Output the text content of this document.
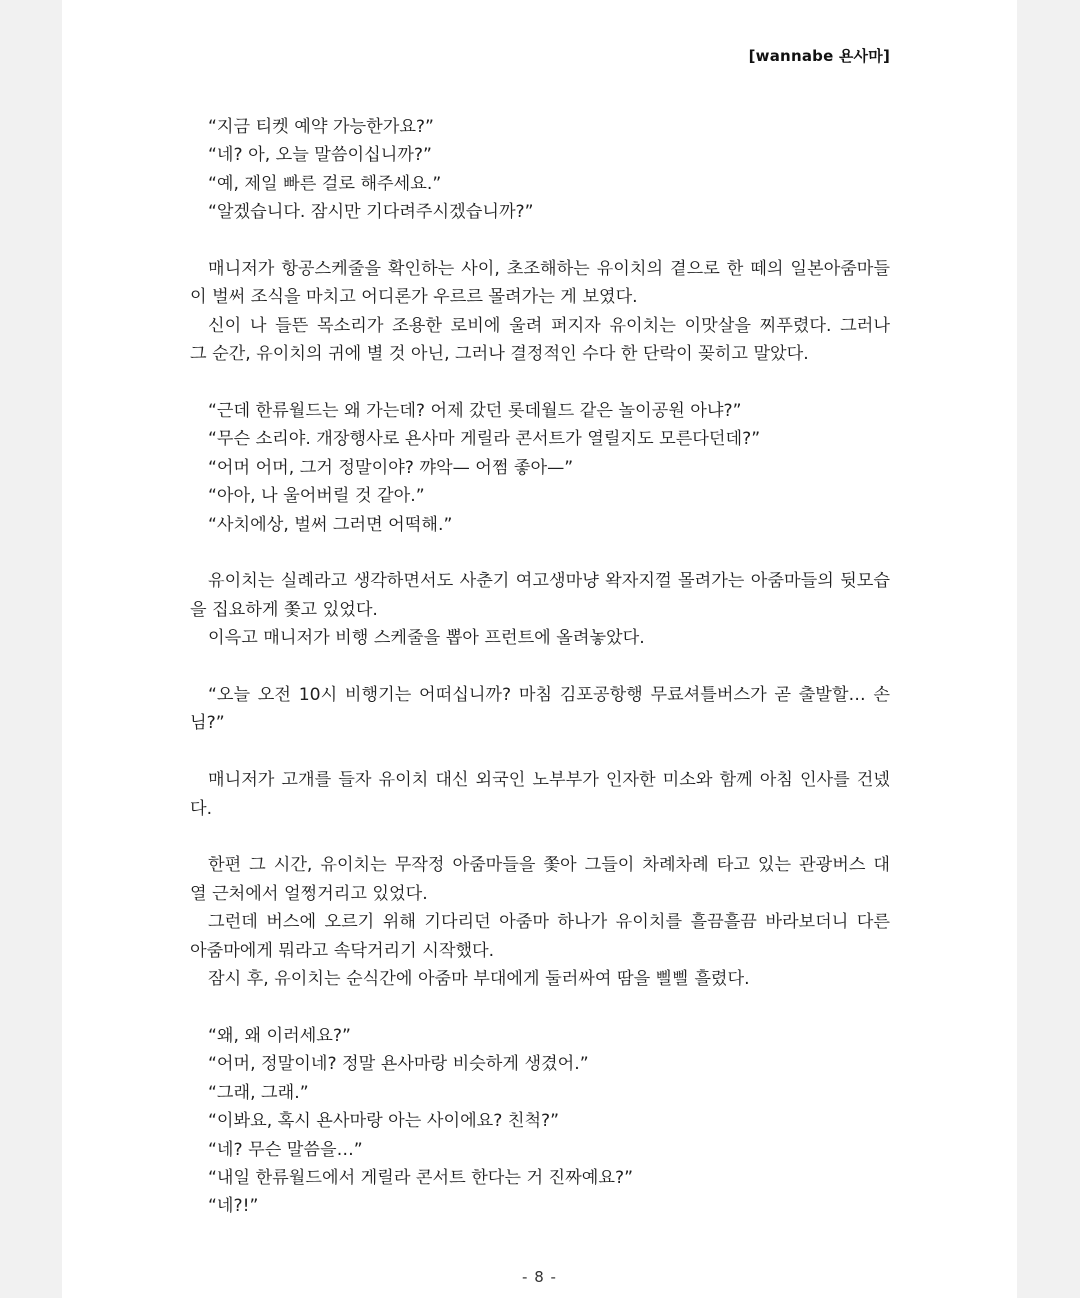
[wannabe 욘사마]
“지금 티켓 예약 가능한가요?”
“네? 아, 오늘 말씀이십니까?”
“예, 제일 빠른 걸로 해주세요.”
“알겠습니다. 잠시만 기다려주시겠습니까?”
매니저가 항공스케줄을 확인하는 사이, 초조해하는 유이치의 곁으로 한 떼의 일본아줌마들
이 벌써 조식을 마치고 어디론가 우르르 몰려가는 게 보였다.
신이 나 들뜬 목소리가 조용한 로비에 울려 퍼지자 유이치는 이맛살을 찌푸렸다. 그러나
그 순간, 유이치의 귀에 별 것 아닌, 그러나 결정적인 수다 한 단락이 꽂히고 말았다.
“근데 한류월드는 왜 가는데? 어제 갔던 롯데월드 같은 놀이공원 아냐?”
“무슨 소리야. 개장행사로 욘사마 게릴라 콘서트가 열릴지도 모른다던데?”
“어머 어머, 그거 정말이야? 꺄악— 어쩜 좋아—”
“아아, 나 울어버릴 것 같아.”
“사치에상, 벌써 그러면 어떡해.”
유이치는 실례라고 생각하면서도 사춘기 여고생마냥 왁자지껄 몰려가는 아줌마들의 뒷모습
을 집요하게 쫓고 있었다.
이윽고 매니저가 비행 스케줄을 뽑아 프런트에 올려놓았다.
“오늘 오전 10시 비행기는 어떠십니까? 마침 김포공항행 무료셔틀버스가 곧 출발할… 손
님?”
매니저가 고개를 들자 유이치 대신 외국인 노부부가 인자한 미소와 함께 아침 인사를 건넸
다.
한편 그 시간, 유이치는 무작정 아줌마들을 쫓아 그들이 차례차례 타고 있는 관광버스 대
열 근처에서 얼쩡거리고 있었다.
그런데 버스에 오르기 위해 기다리던 아줌마 하나가 유이치를 흘끔흘끔 바라보더니 다른
아줌마에게 뭐라고 속닥거리기 시작했다.
잠시 후, 유이치는 순식간에 아줌마 부대에게 둘러싸여 땀을 삘삘 흘렸다.
“왜, 왜 이러세요?”
“어머, 정말이네? 정말 욘사마랑 비슷하게 생겼어.”
“그래, 그래.”
“이봐요, 혹시 욘사마랑 아는 사이에요? 친척?”
“네? 무슨 말씀을…”
“내일 한류월드에서 게릴라 콘서트 한다는 거 진짜예요?”
“네?!”
- 8 -
